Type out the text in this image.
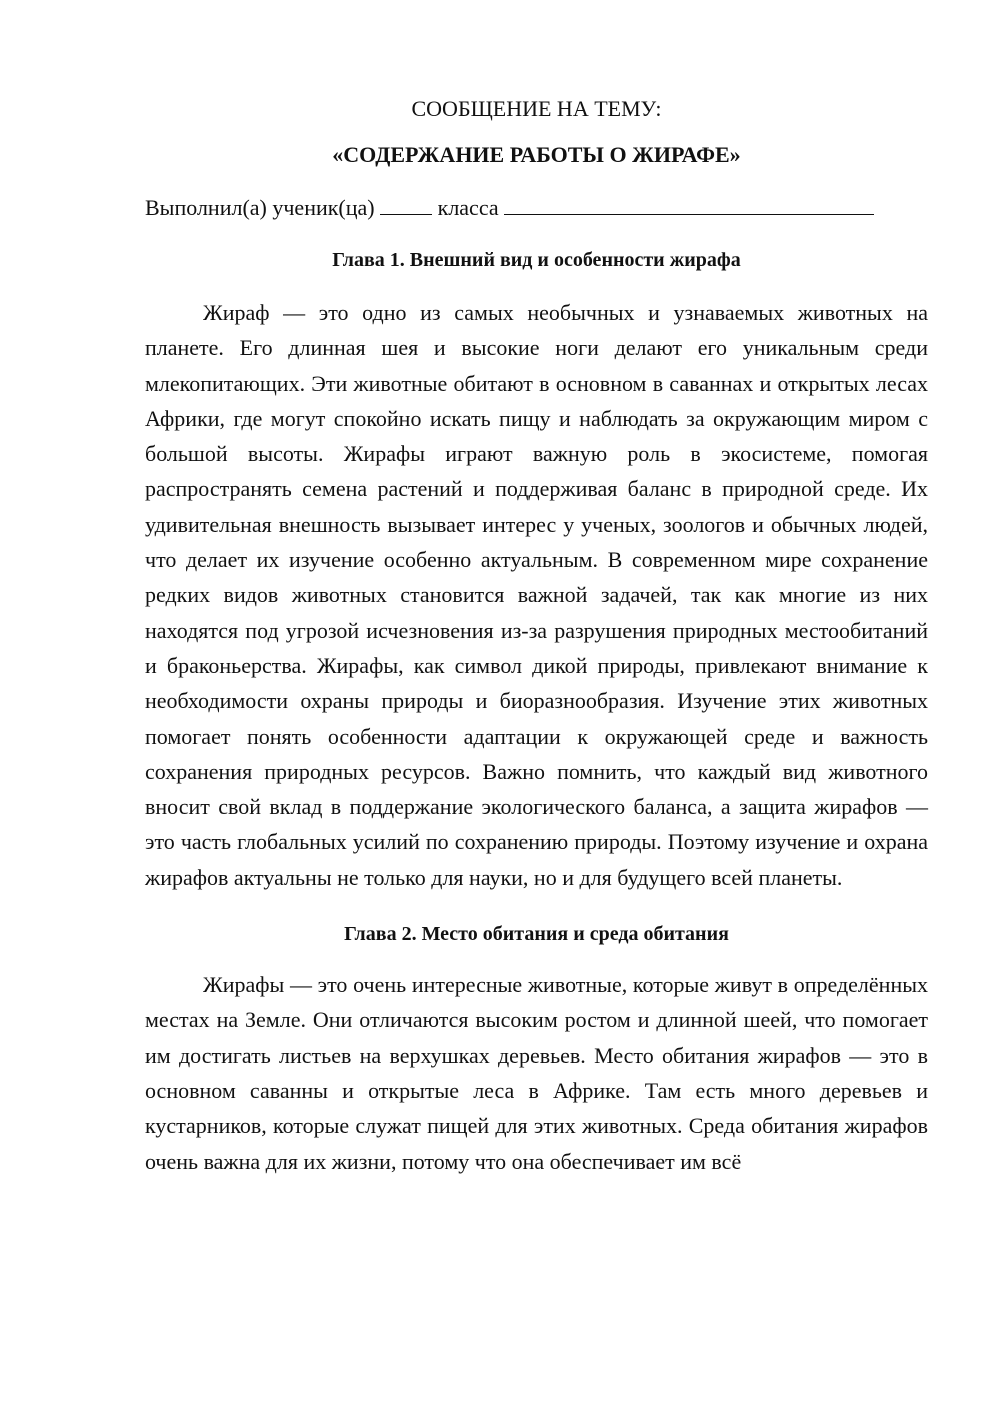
СООБЩЕНИЕ НА ТЕМУ:

«СОДЕРЖАНИЕ РАБОТЫ О ЖИРАФЕ»

Выполнил(а) ученик(ца)	класса
Глава 1. Внешний вид и особенности жирафа

Жираф — это одно из самых необычных и узнаваемых животных на планете. Его длинная шея и высокие ноги делают его уникальным среди млекопитающих. Эти животные обитают в основном в саваннах и открытых лесах Африки, где могут спокойно искать пищу и наблюдать за окружающим миром с большой высоты. Жирафы играют важную роль в экосистеме, помогая распространять семена растений и поддерживая баланс в природной среде. Их удивительная внешность вызывает интерес у ученых, зоологов и обычных людей, что делает их изучение особенно актуальным. В современном мире сохранение редких видов животных становится важной задачей, так как многие из них находятся под угрозой исчезновения из-за разрушения природных местообитаний и браконьерства. Жирафы, как символ дикой природы, привлекают внимание к необходимости охраны природы и биоразнообразия. Изучение этих животных помогает понять особенности адаптации к окружающей среде и важность сохранения природных ресурсов. Важно помнить, что каждый вид животного вносит свой вклад в поддержание экологического баланса, а защита жирафов — это часть глобальных усилий по сохранению природы. Поэтому изучение и охрана жирафов актуальны не только для науки, но и для будущего всей планеты.

Глава 2. Место обитания и среда обитания

Жирафы — это очень интересные животные, которые живут в определённых местах на Земле. Они отличаются высоким ростом и длинной шеей, что помогает им достигать листьев на верхушках деревьев. Место обитания жирафов — это в основном саванны и открытые леса в Африке. Там есть много деревьев и кустарников, которые служат пищей для этих животных. Среда обитания жирафов очень важна для их жизни, потому что она обеспечивает им всё
